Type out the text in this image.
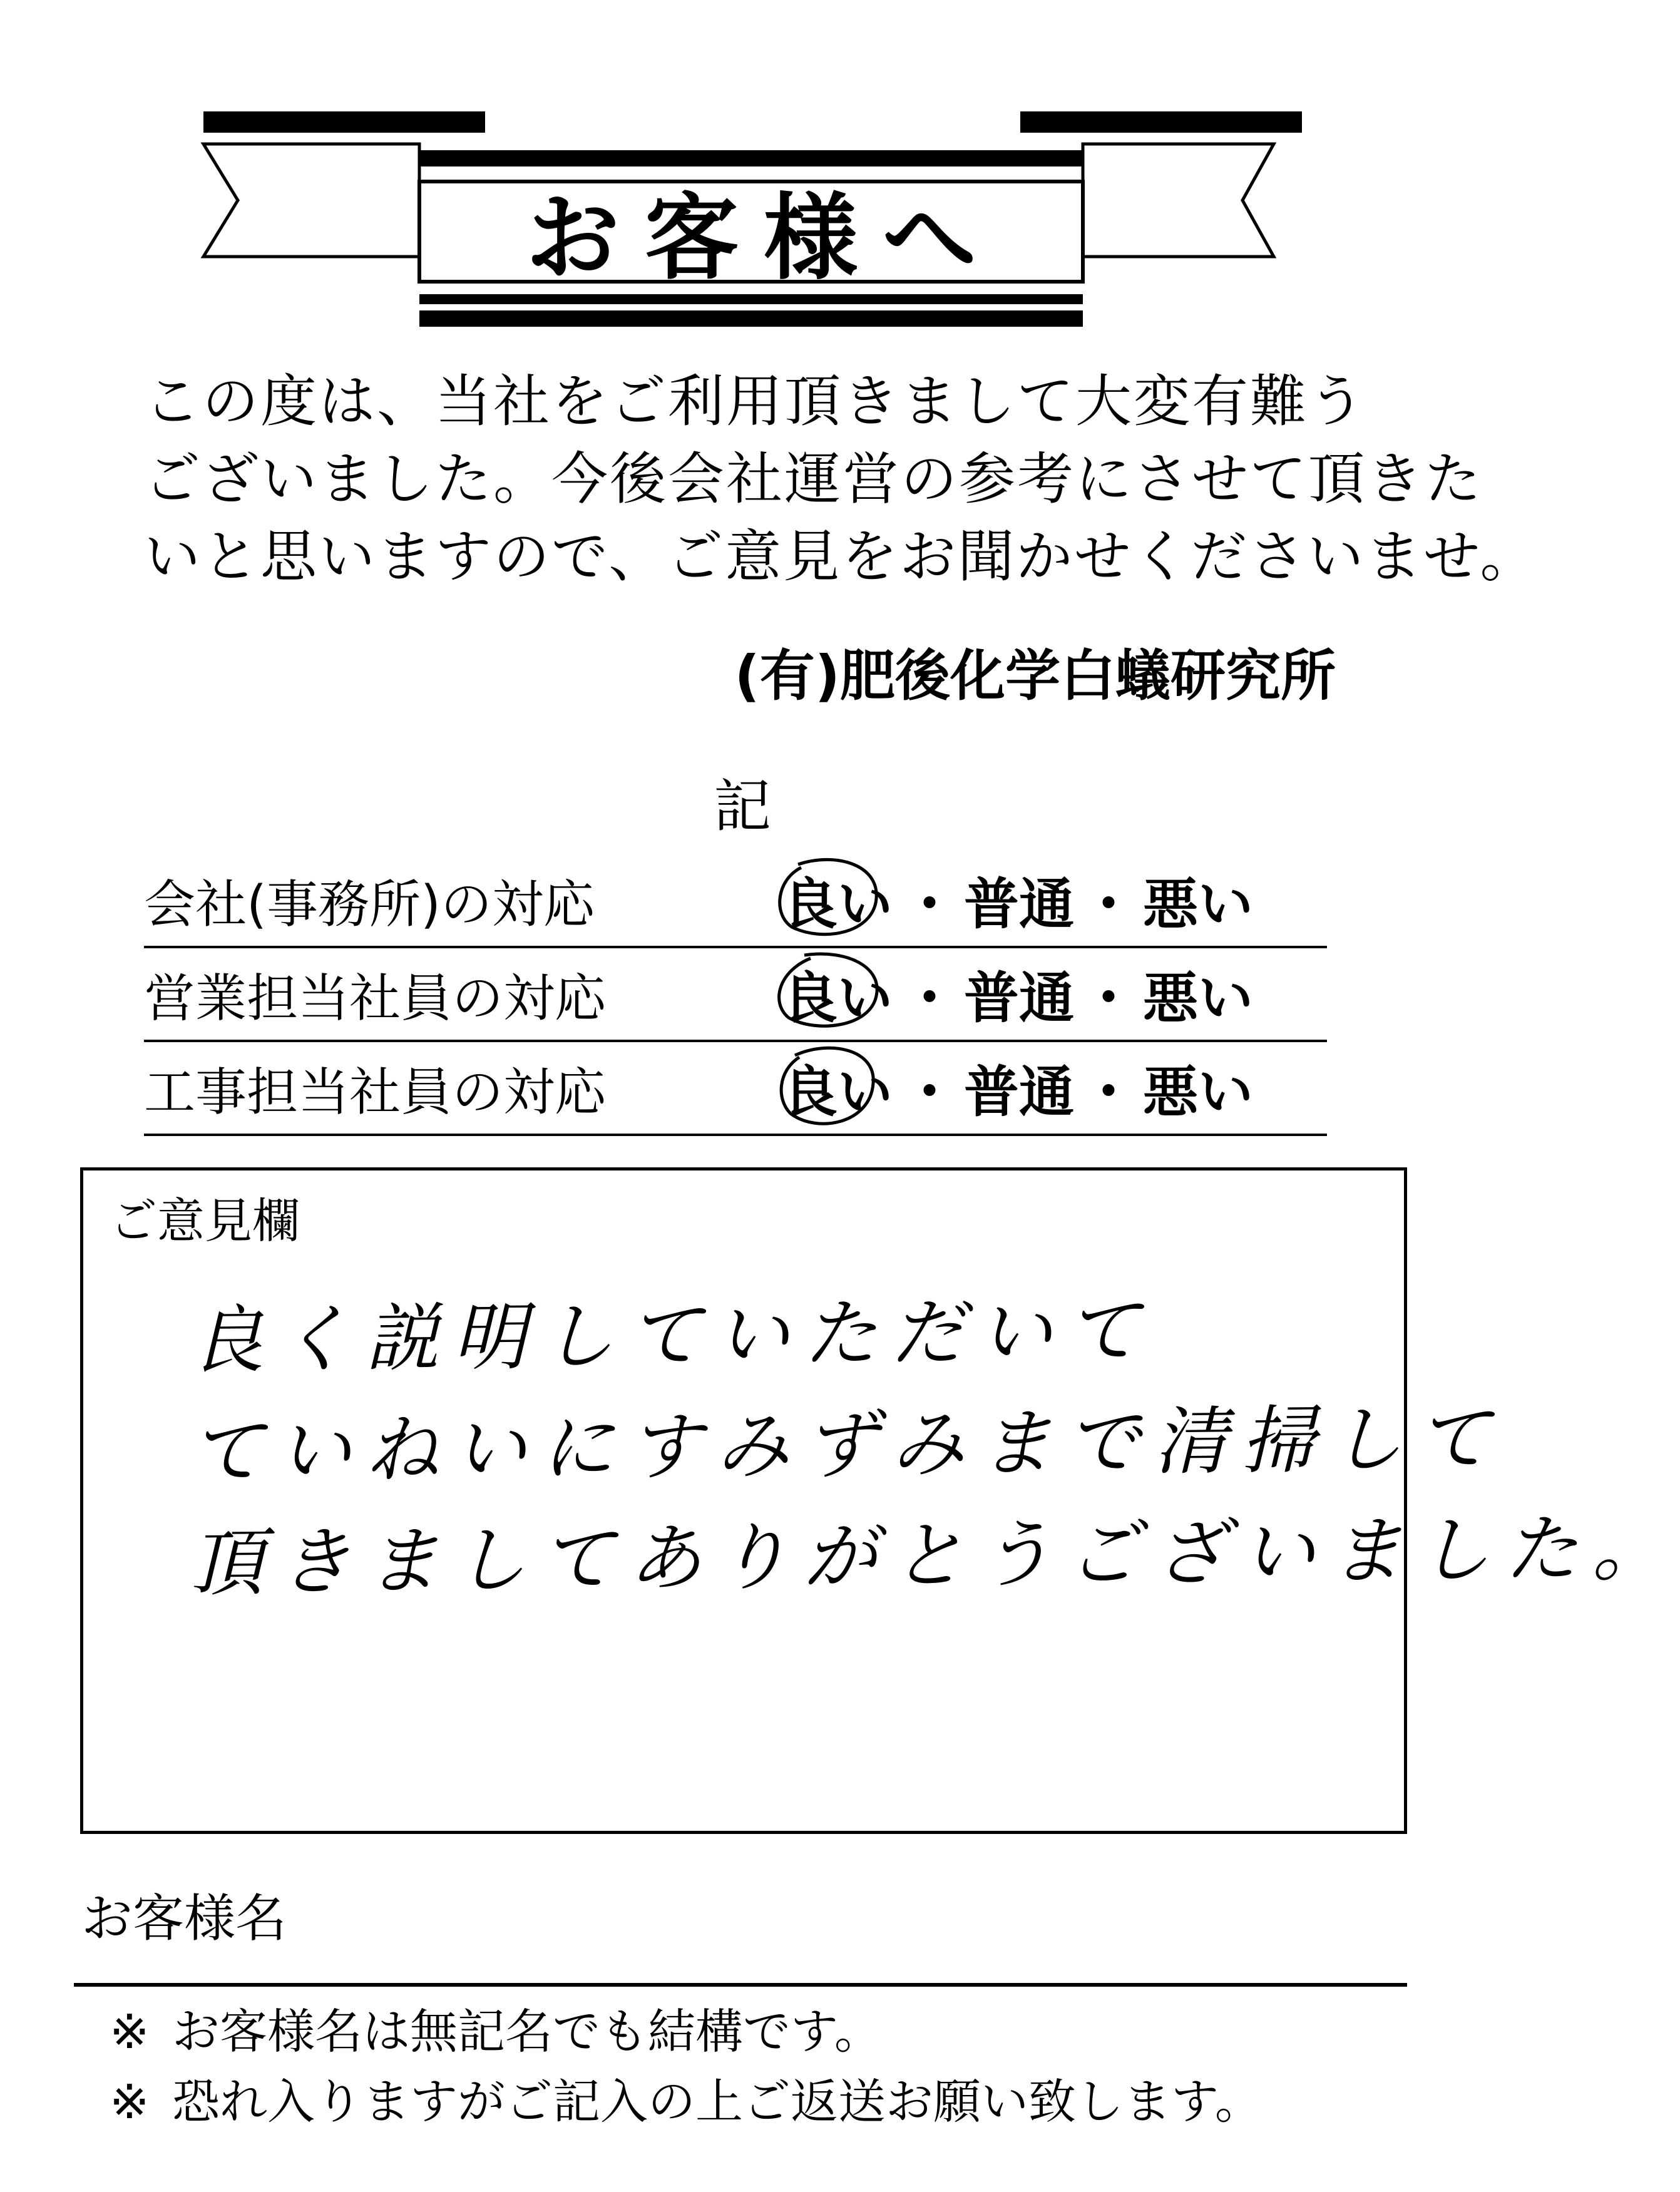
お客様へ
この度は、当社をご利用頂きまして大変有難う
ございました。今後会社運営の参考にさせて頂きた
いと思いますので、ご意見をお聞かせくださいませ。
(有)肥後化学白蟻研究所
記
会社(事務所)の対応	良い ・ 普通 ・ 悪い
営業担当社員の対応	良い ・ 普通 ・ 悪い
工事担当社員の対応	良い ・ 普通 ・ 悪い
ご意見欄
良く説明していただいて
ていねいにすみずみまで清掃して
頂きましてありがとうございました。
お客様名
※ お客様名は無記名でも結構です。
※ 恐れ入りますがご記入の上ご返送お願い致します。
